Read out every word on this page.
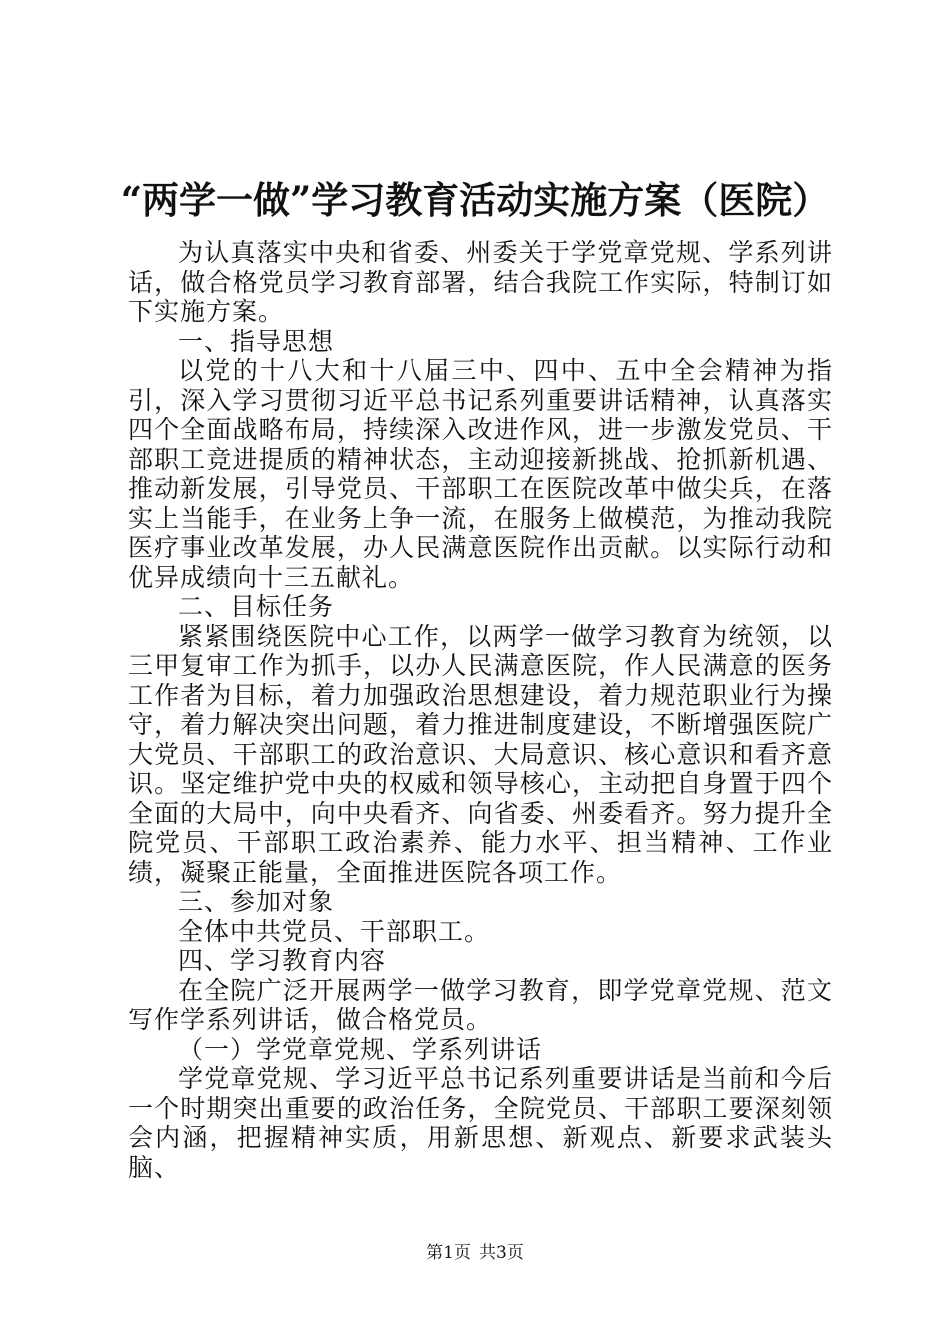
“两学一做”学习教育活动实施方案（医院）

为认真落实中央和省委、州委关于学党章党规、学系列讲话，做合格党员学习教育部署，结合我院工作实际，特制订如下实施方案。

一、指导思想

以党的十八大和十八届三中、四中、五中全会精神为指引，深入学习贯彻习近平总书记系列重要讲话精神，认真落实四个全面战略布局，持续深入改进作风，进一步激发党员、干部职工竞进提质的精神状态，主动迎接新挑战、抢抓新机遇、推动新发展，引导党员、干部职工在医院改革中做尖兵，在落实上当能手，在业务上争一流，在服务上做模范，为推动我院医疗事业改革发展，办人民满意医院作出贡献。以实际行动和优异成绩向十三五献礼。

二、目标任务

紧紧围绕医院中心工作，以两学一做学习教育为统领，以三甲复审工作为抓手，以办人民满意医院，作人民满意的医务工作者为目标，着力加强政治思想建设，着力规范职业行为操守，着力解决突出问题，着力推进制度建设，不断增强医院广大党员、干部职工的政治意识、大局意识、核心意识和看齐意识。坚定维护党中央的权威和领导核心，主动把自身置于四个全面的大局中，向中央看齐、向省委、州委看齐。努力提升全院党员、干部职工政治素养、能力水平、担当精神、工作业绩，凝聚正能量，全面推进医院各项工作。

三、参加对象

全体中共党员、干部职工。

四、学习教育内容

在全院广泛开展两学一做学习教育，即学党章党规、范文写作学系列讲话，做合格党员。

（一）学党章党规、学系列讲话

学党章党规、学习近平总书记系列重要讲话是当前和今后一个时期突出重要的政治任务，全院党员、干部职工要深刻领会内涵，把握精神实质，用新思想、新观点、新要求武装头脑、

第1页 共3页
